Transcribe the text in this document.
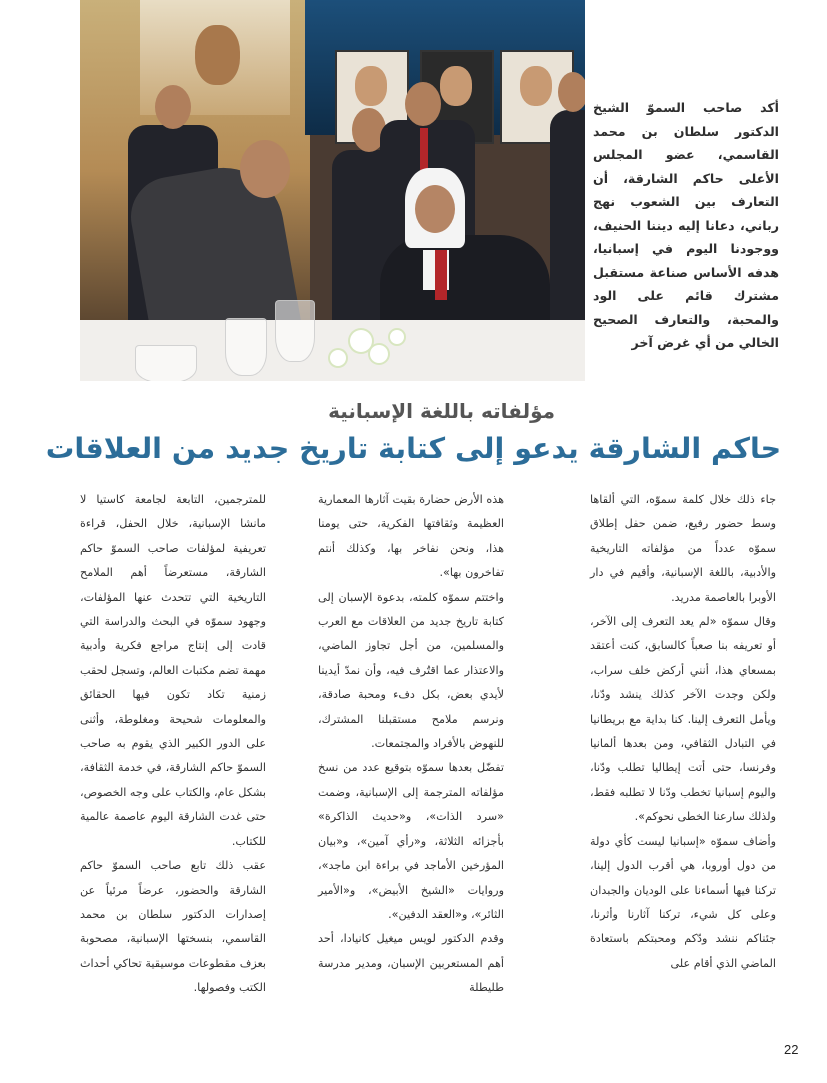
أكد صاحب السموّ الشيخ الدكتور سلطان بن محمد القاسمي، عضو المجلس الأعلى حاكم الشارقة، أن التعارف بين الشعوب نهج رباني، دعانا إليه ديننا الحنيف، ووجودنا اليوم في إسبانيا، هدفه الأساس صناعة مستقبل مشترك قائم على الود والمحبة، والتعارف الصحيح الخالي من أي غرض آخر
مؤلفاته باللغة الإسبانية
حاكم الشارقة يدعو إلى كتابة تاريخ جديد من العلاقات

جاء ذلك خلال كلمة سموّه، التي ألقاها وسط حضور رفيع، ضمن حفل إطلاق سموّه عدداً من مؤلفاته التاريخية والأدبية، باللغة الإسبانية، وأقيم في دار الأوبرا بالعاصمة مدريد.

وقال سموّه «لم يعد التعرف إلى الآخر، أو تعريفه بنا صعباً كالسابق، كنت أعتقد بمسعاي هذا، أنني أركض خلف سراب، ولكن وجدت الآخر كذلك ينشد ودّنا، ويأمل التعرف إلينا. كنا بداية مع بريطانيا في التبادل الثقافي، ومن بعدها ألمانيا وفرنسا، حتى أتت إيطاليا تطلب ودّنا، واليوم إسبانيا تخطب ودّنا لا تطلبه فقط، ولذلك سارعنا الخطى نحوكم».

وأضاف سموّه «إسبانيا ليست كأي دولة من دول أوروبا، هي أقرب الدول إلينا، تركنا فيها أسماءنا على الوديان والجبدان وعلى كل شيء، تركنا آثارنا وأثرنا، جئناكم ننشد ودّكم ومحبتكم باستعادة الماضي الذي أقام على

هذه الأرض حضارة بقيت آثارها المعمارية العظيمة وثقافتها الفكرية، حتى يومنا هذا، ونحن نفاخر بها، وكذلك أنتم تفاخرون بها».

واختتم سموّه كلمته، بدعوة الإسبان إلى كتابة تاريخ جديد من العلاقات مع العرب والمسلمين، من أجل تجاوز الماضي، والاعتذار عما اقتُرف فيه، وأن نمدّ أيدينا لأيدي بعض، بكل دفء ومحبة صادقة، ونرسم ملامح مستقبلنا المشترك، للنهوض بالأفراد والمجتمعات.

تفضّل بعدها سموّه بتوقيع عدد من نسخ مؤلفاته المترجمة إلى الإسبانية، وضمت «سرد الذات»، و«حديث الذاكرة» بأجزائه الثلاثة، و«رأي آمين»، و«بيان المؤرخين الأماجد في براءة ابن ماجد»، وروايات «الشيخ الأبيض»، و«الأمير الثائر»، و«العقد الدفين».

وقدم الدكتور لويس ميغيل كانيادا، أحد أهم المستعربين الإسبان، ومدير مدرسة طليطلة

للمترجمين، التابعة لجامعة كاستيا لا مانشا الإسبانية، خلال الحفل، قراءة تعريفية لمؤلفات صاحب السموّ حاكم الشارقة، مستعرضاً أهم الملامح التاريخية التي تتحدث عنها المؤلفات، وجهود سموّه في البحث والدراسة التي قادت إلى إنتاج مراجع فكرية وأدبية مهمة تضم مكتبات العالم، وتسجل لحقب زمنية تكاد تكون فيها الحقائق والمعلومات شحيحة ومغلوطة، وأثنى على الدور الكبير الذي يقوم به صاحب السموّ حاكم الشارقة، في خدمة الثقافة، بشكل عام، والكتاب على وجه الخصوص، حتى غدت الشارقة اليوم عاصمة عالمية للكتاب.

عقب ذلك تابع صاحب السموّ حاكم الشارقة والحضور، عرضاً مرئياً عن إصدارات الدكتور سلطان بن محمد القاسمي، بنسختها الإسبانية، مصحوبة بعزف مقطوعات موسيقية تحاكي أحداث الكتب وفصولها.

22
